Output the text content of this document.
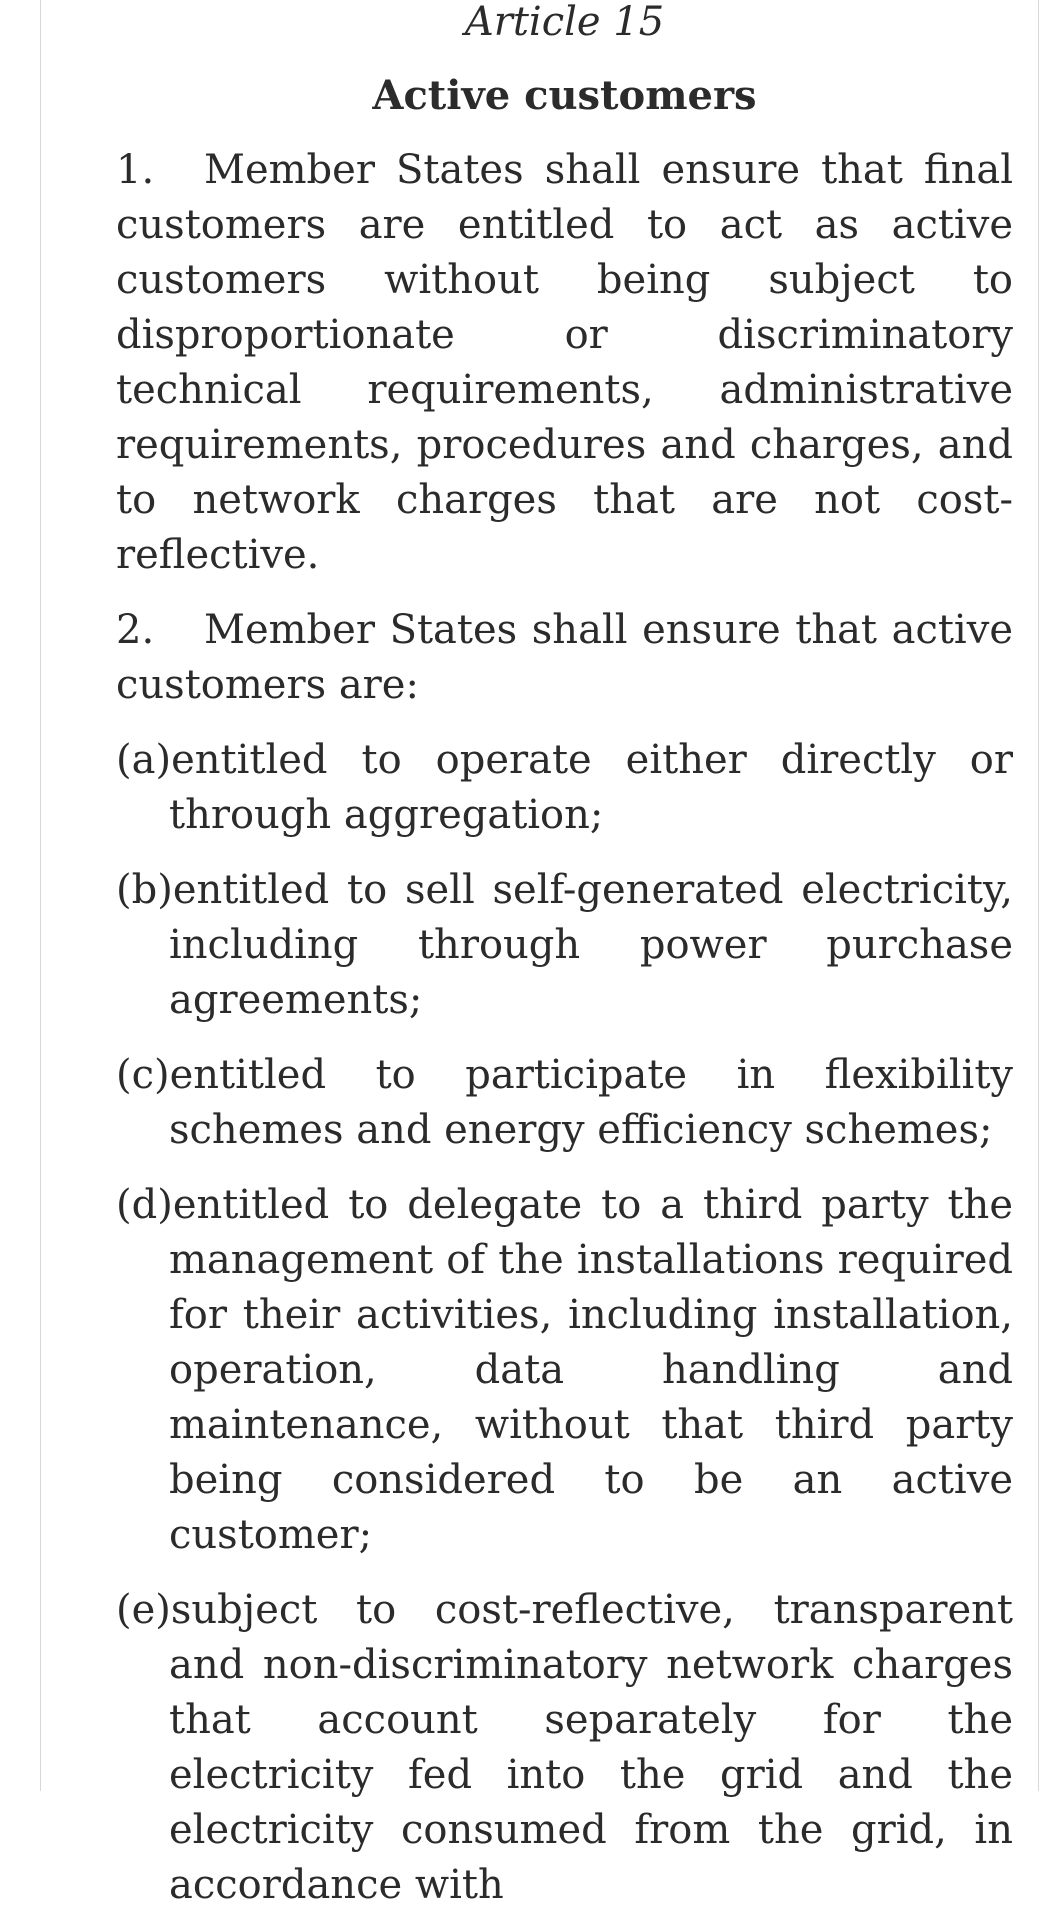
Article 15
Active customers
1. Member States shall ensure that final customers are entitled to act as active customers without being subject to disproportionate or discriminatory technical requirements, administrative requirements, procedures and charges, and to network charges that are not cost-reflective.
2. Member States shall ensure that active customers are:
(a)entitled to operate either directly or through aggregation;
(b)entitled to sell self-generated electricity, including through power purchase agreements;
(c)entitled to participate in flexibility schemes and energy efficiency schemes;
(d)entitled to delegate to a third party the management of the installations required for their activities, including installation, operation, data handling and maintenance, without that third party being considered to be an active customer;
(e)subject to cost-reflective, transparent and non-discriminatory network charges that account separately for the electricity fed into the grid and the electricity consumed from the grid, in accordance with
